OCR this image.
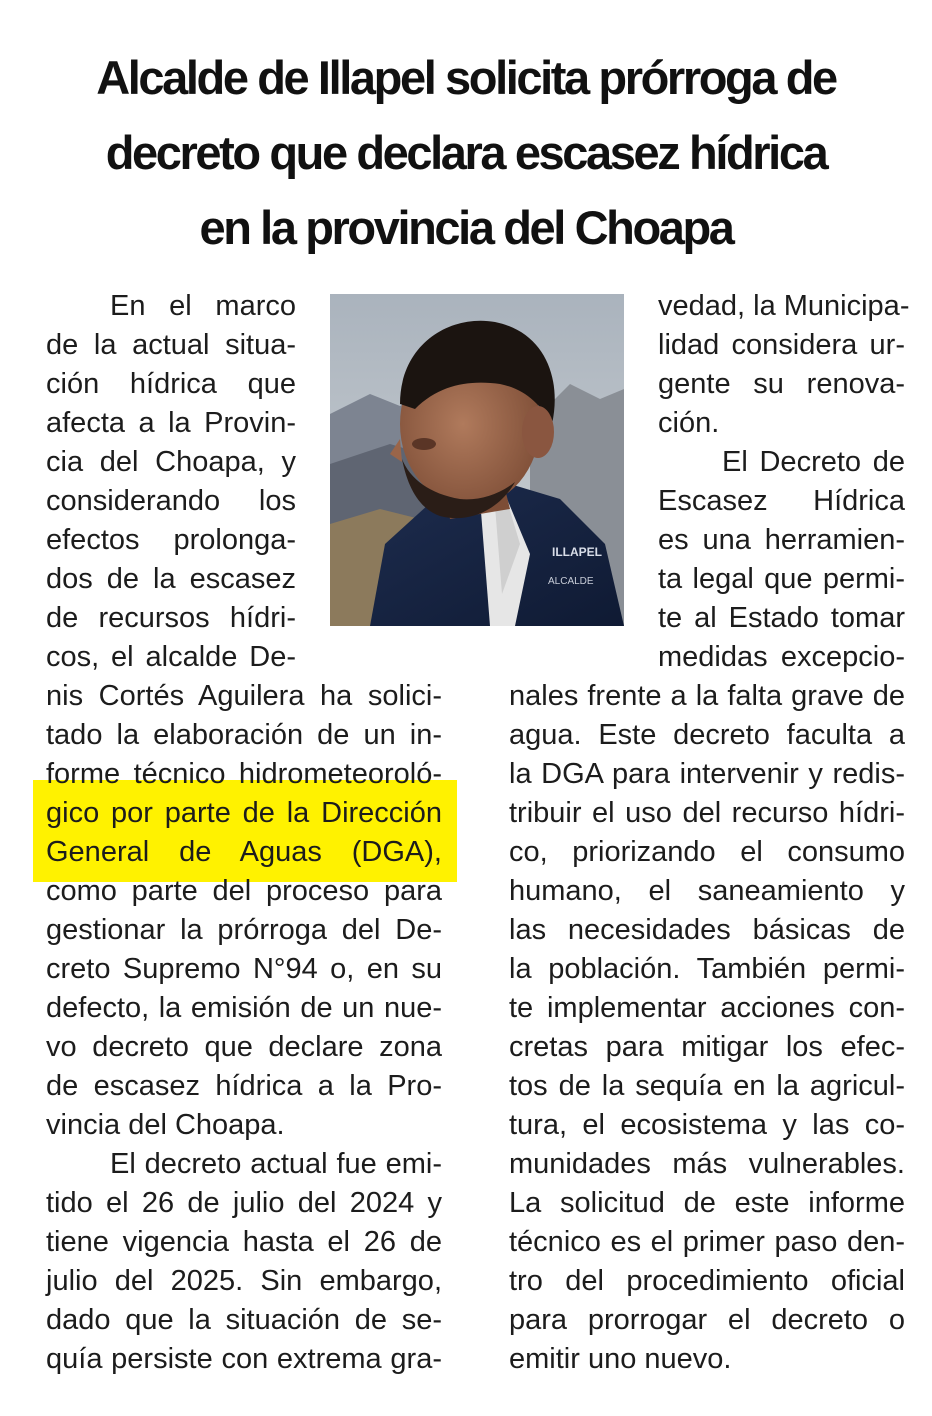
Alcalde de Illapel solicita prórroga de
decreto que declara escasez hídrica
en la provincia del Choapa
ILLAPEL
ALCALDE
En el marco
de la actual situa-
ción hídrica que
afecta a la Provin-
cia del Choapa, y
considerando los
efectos prolonga-
dos de la escasez
de recursos hídri-
cos, el alcalde De-
nis Cortés Aguilera ha solici-
tado la elaboración de un in-
forme técnico hidrometeoroló-
gico por parte de la Dirección
General de Aguas (DGA),
como parte del proceso para
gestionar la prórroga del De-
creto Supremo N°94 o, en su
defecto, la emisión de un nue-
vo decreto que declare zona
de escasez hídrica a la Pro-
vincia del Choapa.
El decreto actual fue emi-
tido el 26 de julio del 2024 y
tiene vigencia hasta el 26 de
julio del 2025. Sin embargo,
dado que la situación de se-
quía persiste con extrema gra-
vedad, la Municipa-
lidad considera ur-
gente su renova-
ción.
El Decreto de
Escasez Hídrica
es una herramien-
ta legal que permi-
te al Estado tomar
medidas excepcio-
nales frente a la falta grave de
agua. Este decreto faculta a
la DGA para intervenir y redis-
tribuir el uso del recurso hídri-
co, priorizando el consumo
humano, el saneamiento y
las necesidades básicas de
la población. También permi-
te implementar acciones con-
cretas para mitigar los efec-
tos de la sequía en la agricul-
tura, el ecosistema y las co-
munidades más vulnerables.
La solicitud de este informe
técnico es el primer paso den-
tro del procedimiento oficial
para prorrogar el decreto o
emitir uno nuevo.
